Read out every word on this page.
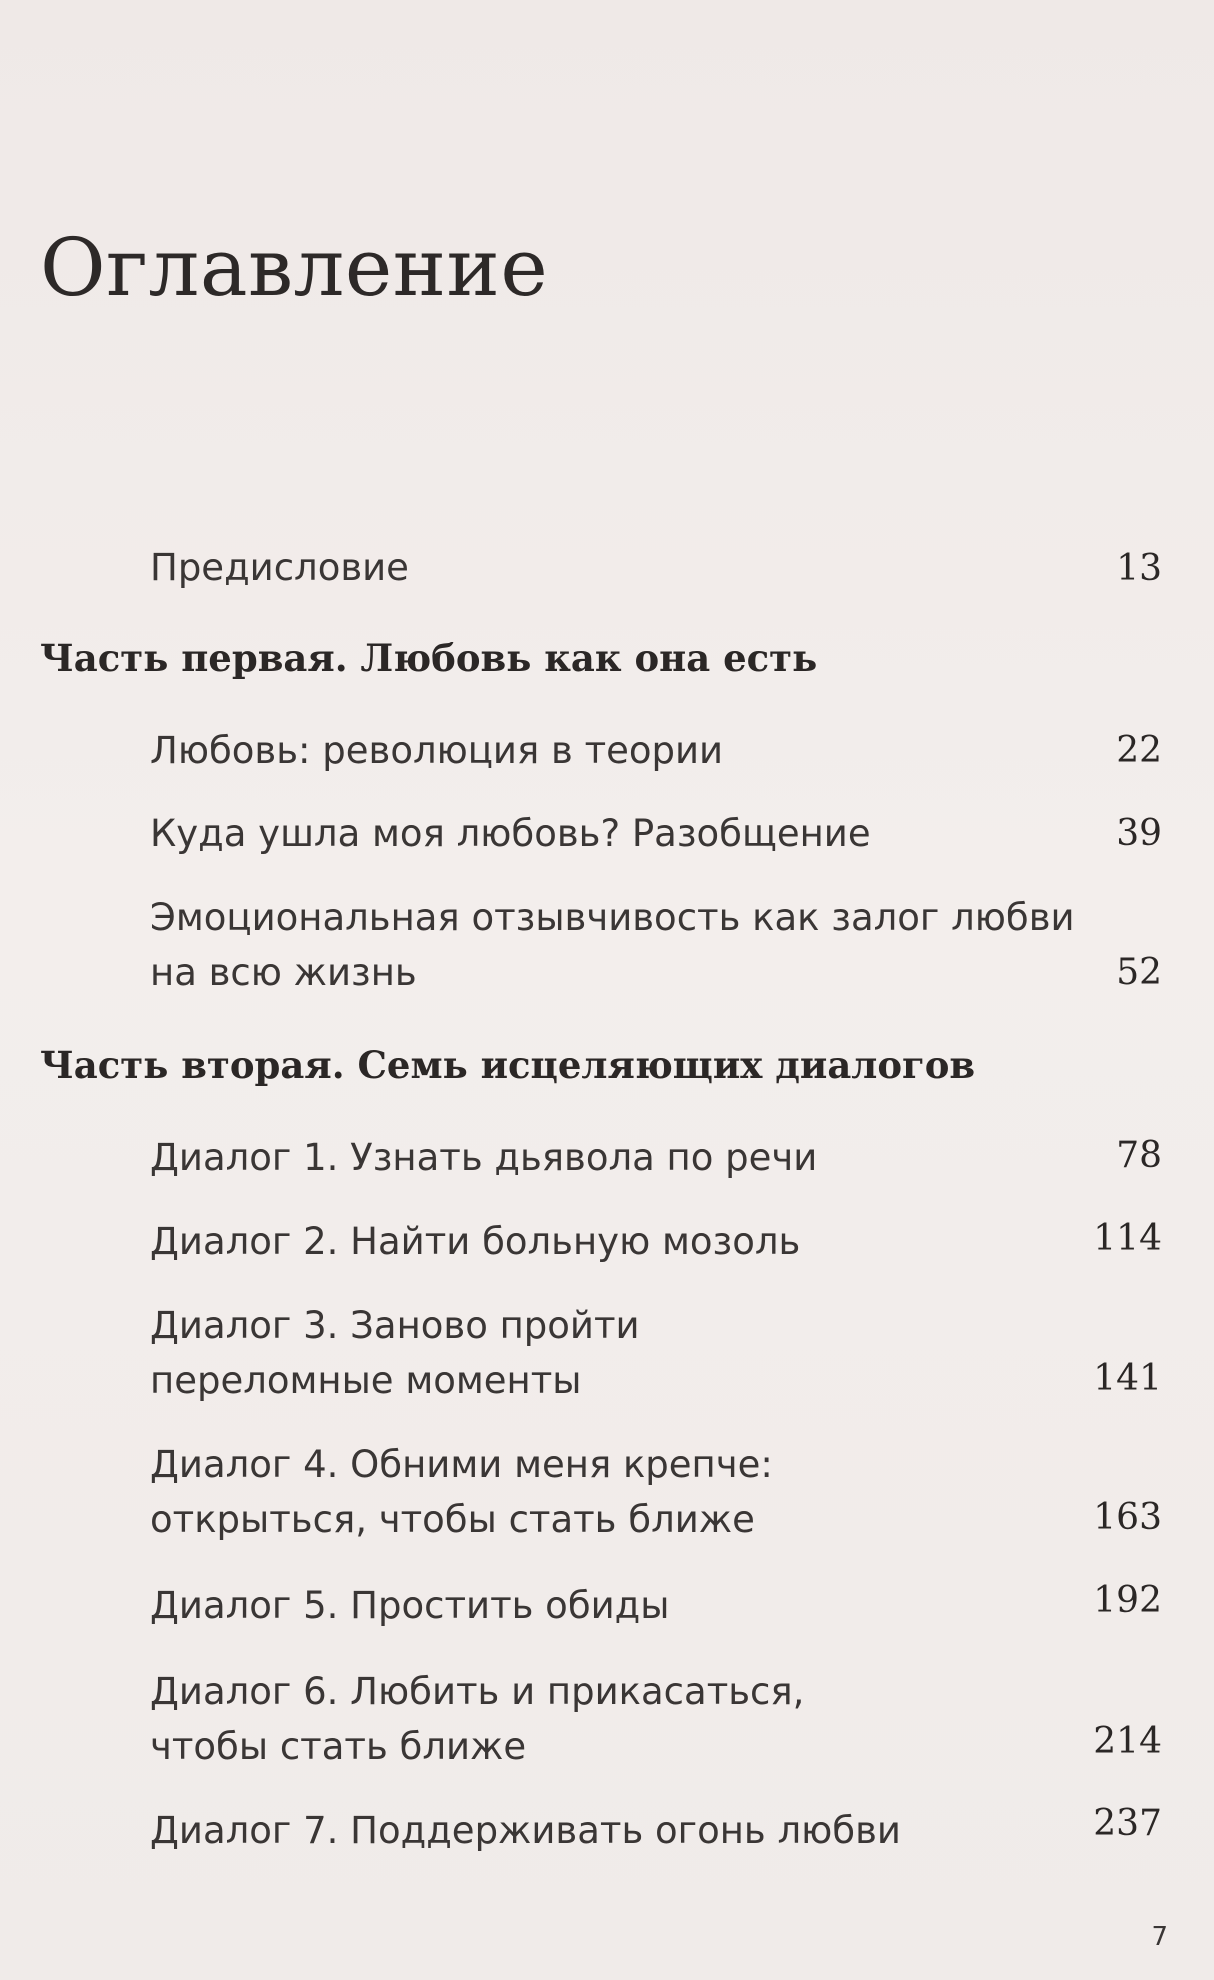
Оглавление
Предисловие	13
Часть первая. Любовь как она есть
Любовь: революция в теории	22
Куда ушла моя любовь? Разобщение	39
Эмоциональная отзывчивость как залог любви
на всю жизнь	52
Часть вторая. Семь исцеляющих диалогов
Диалог 1. Узнать дьявола по речи	78
Диалог 2. Найти больную мозоль	114
Диалог 3. Заново пройти
переломные моменты	141
Диалог 4. Обними меня крепче:
открыться, чтобы стать ближе	163
Диалог 5. Простить обиды	192
Диалог 6. Любить и прикасаться,
чтобы стать ближе	214
Диалог 7. Поддерживать огонь любви	237
7
